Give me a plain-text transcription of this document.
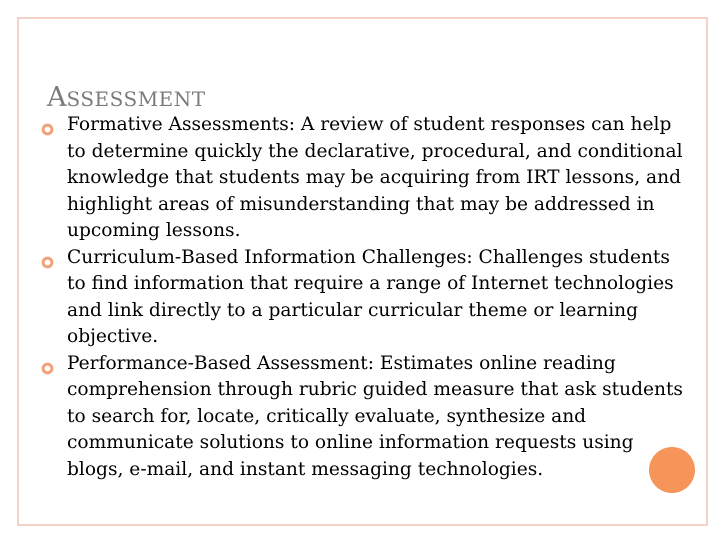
ASSESSMENT
Formative Assessments: A review of student responses can help to determine quickly the declarative, procedural, and conditional knowledge that students may be acquiring from IRT lessons, and highlight areas of misunderstanding that may be addressed in upcoming lessons.
Curriculum-Based Information Challenges: Challenges students to find information that require a range of Internet technologies and link directly to a particular curricular theme or learning objective.
Performance-Based Assessment: Estimates online reading comprehension through rubric guided measure that ask students to search for, locate, critically evaluate, synthesize and communicate solutions to online information requests using blogs, e-mail, and instant messaging technologies.
